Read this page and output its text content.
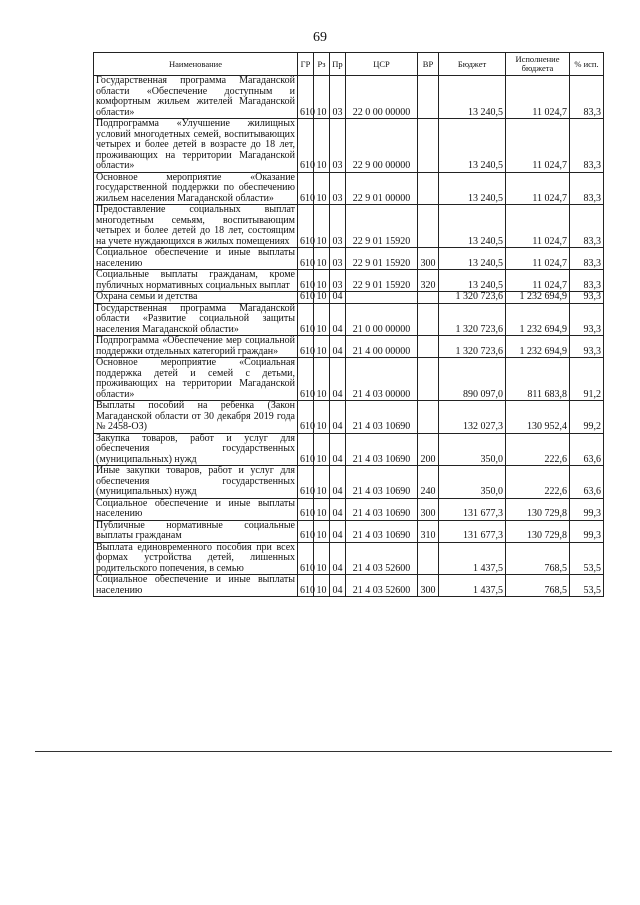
69
Наименование	ГР	Рз	Пр	ЦСР	ВР	Бюджет	Исполнение бюджета	% исп.
Государственная программа Магаданской области «Обеспечение доступным и комфортным жильем жителей Магаданской области»	610	10	03	22 0 00 00000		13 240,5	11 024,7	83,3
Подпрограмма «Улучшение жилищных условий многодетных семей, воспитывающих четырех и более детей в возрасте до 18 лет, проживающих на территории Магаданской области»	610	10	03	22 9 00 00000		13 240,5	11 024,7	83,3
Основное мероприятие «Оказание государственной поддержки по обеспечению жильем населения Магаданской области»	610	10	03	22 9 01 00000		13 240,5	11 024,7	83,3
Предоставление социальных выплат многодетным семьям, воспитывающим четырех и более детей до 18 лет, состоящим на учете нуждающихся в жилых помещениях	610	10	03	22 9 01 15920		13 240,5	11 024,7	83,3
Социальное обеспечение и иные выплаты населению	610	10	03	22 9 01 15920	300	13 240,5	11 024,7	83,3
Социальные выплаты гражданам, кроме публичных нормативных социальных выплат	610	10	03	22 9 01 15920	320	13 240,5	11 024,7	83,3
Охрана семьи и детства	610	10	04			1 320 723,6	1 232 694,9	93,3
Государственная программа Магаданской области «Развитие социальной защиты населения Магаданской области»	610	10	04	21 0 00 00000		1 320 723,6	1 232 694,9	93,3
Подпрограмма «Обеспечение мер социальной поддержки отдельных категорий граждан»	610	10	04	21 4 00 00000		1 320 723,6	1 232 694,9	93,3
Основное мероприятие «Социальная поддержка детей и семей с детьми, проживающих на территории Магаданской области»	610	10	04	21 4 03 00000		890 097,0	811 683,8	91,2
Выплаты пособий на ребенка (Закон Магаданской области от 30 декабря 2019 года № 2458-ОЗ)	610	10	04	21 4 03 10690		132 027,3	130 952,4	99,2
Закупка товаров, работ и услуг для обеспечения государственных (муниципальных) нужд	610	10	04	21 4 03 10690	200	350,0	222,6	63,6
Иные закупки товаров, работ и услуг для обеспечения государственных (муниципальных) нужд	610	10	04	21 4 03 10690	240	350,0	222,6	63,6
Социальное обеспечение и иные выплаты населению	610	10	04	21 4 03 10690	300	131 677,3	130 729,8	99,3
Публичные нормативные социальные выплаты гражданам	610	10	04	21 4 03 10690	310	131 677,3	130 729,8	99,3
Выплата единовременного пособия при всех формах устройства детей, лишенных родительского попечения, в семью	610	10	04	21 4 03 52600		1 437,5	768,5	53,5
Социальное обеспечение и иные выплаты населению	610	10	04	21 4 03 52600	300	1 437,5	768,5	53,5
